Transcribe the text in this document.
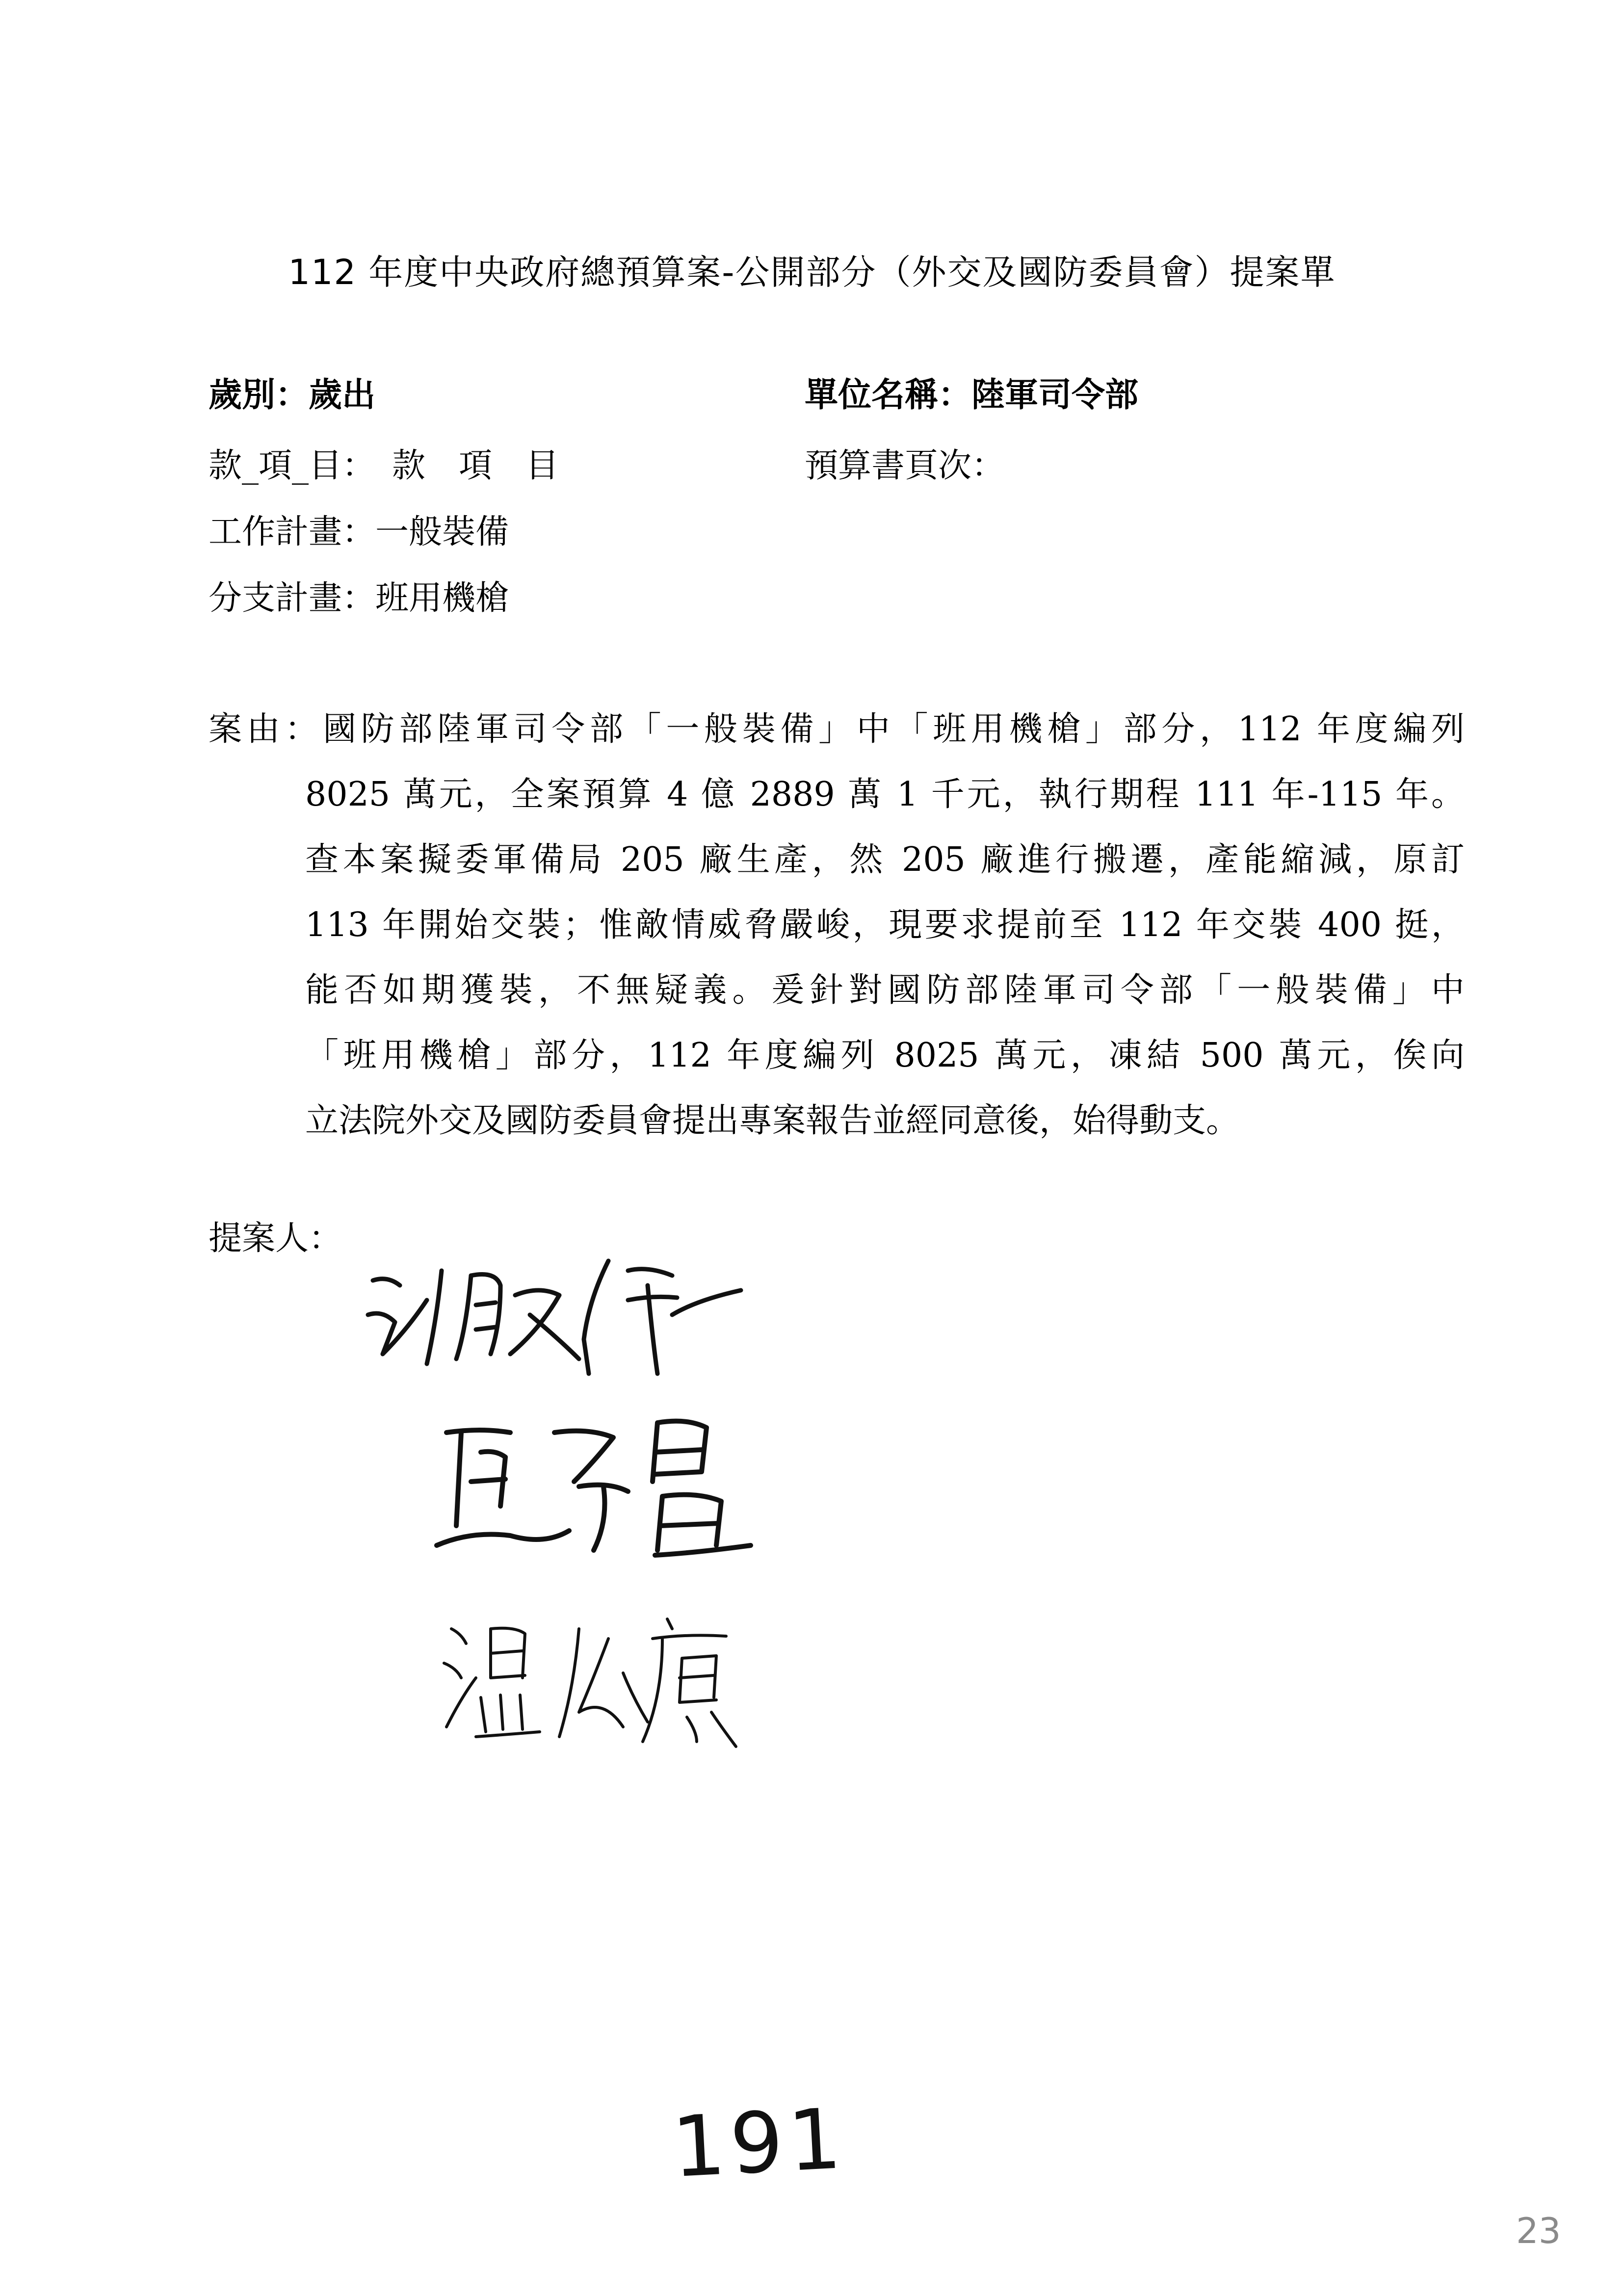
112 年度中央政府總預算案-公開部分（外交及國防委員會）提案單
歲別：歲出	單位名稱：陸軍司令部
款_項_目：　款　項　目	預算書頁次：
工作計畫：一般裝備
分支計畫：班用機槍
案由：國防部陸軍司令部「一般裝備」中「班用機槍」部分，112 年度編列
8025 萬元，全案預算 4 億 2889 萬 1 千元，執行期程 111 年-115 年。
查本案擬委軍備局 205 廠生產，然 205 廠進行搬遷，產能縮減，原訂
113 年開始交裝；惟敵情威脅嚴峻，現要求提前至 112 年交裝 400 挺，
能否如期獲裝，不無疑義。爰針對國防部陸軍司令部「一般裝備」中
「班用機槍」部分，112 年度編列 8025 萬元，凍結 500 萬元，俟向
立法院外交及國防委員會提出專案報告並經同意後，始得動支。
提案人：
191
23
